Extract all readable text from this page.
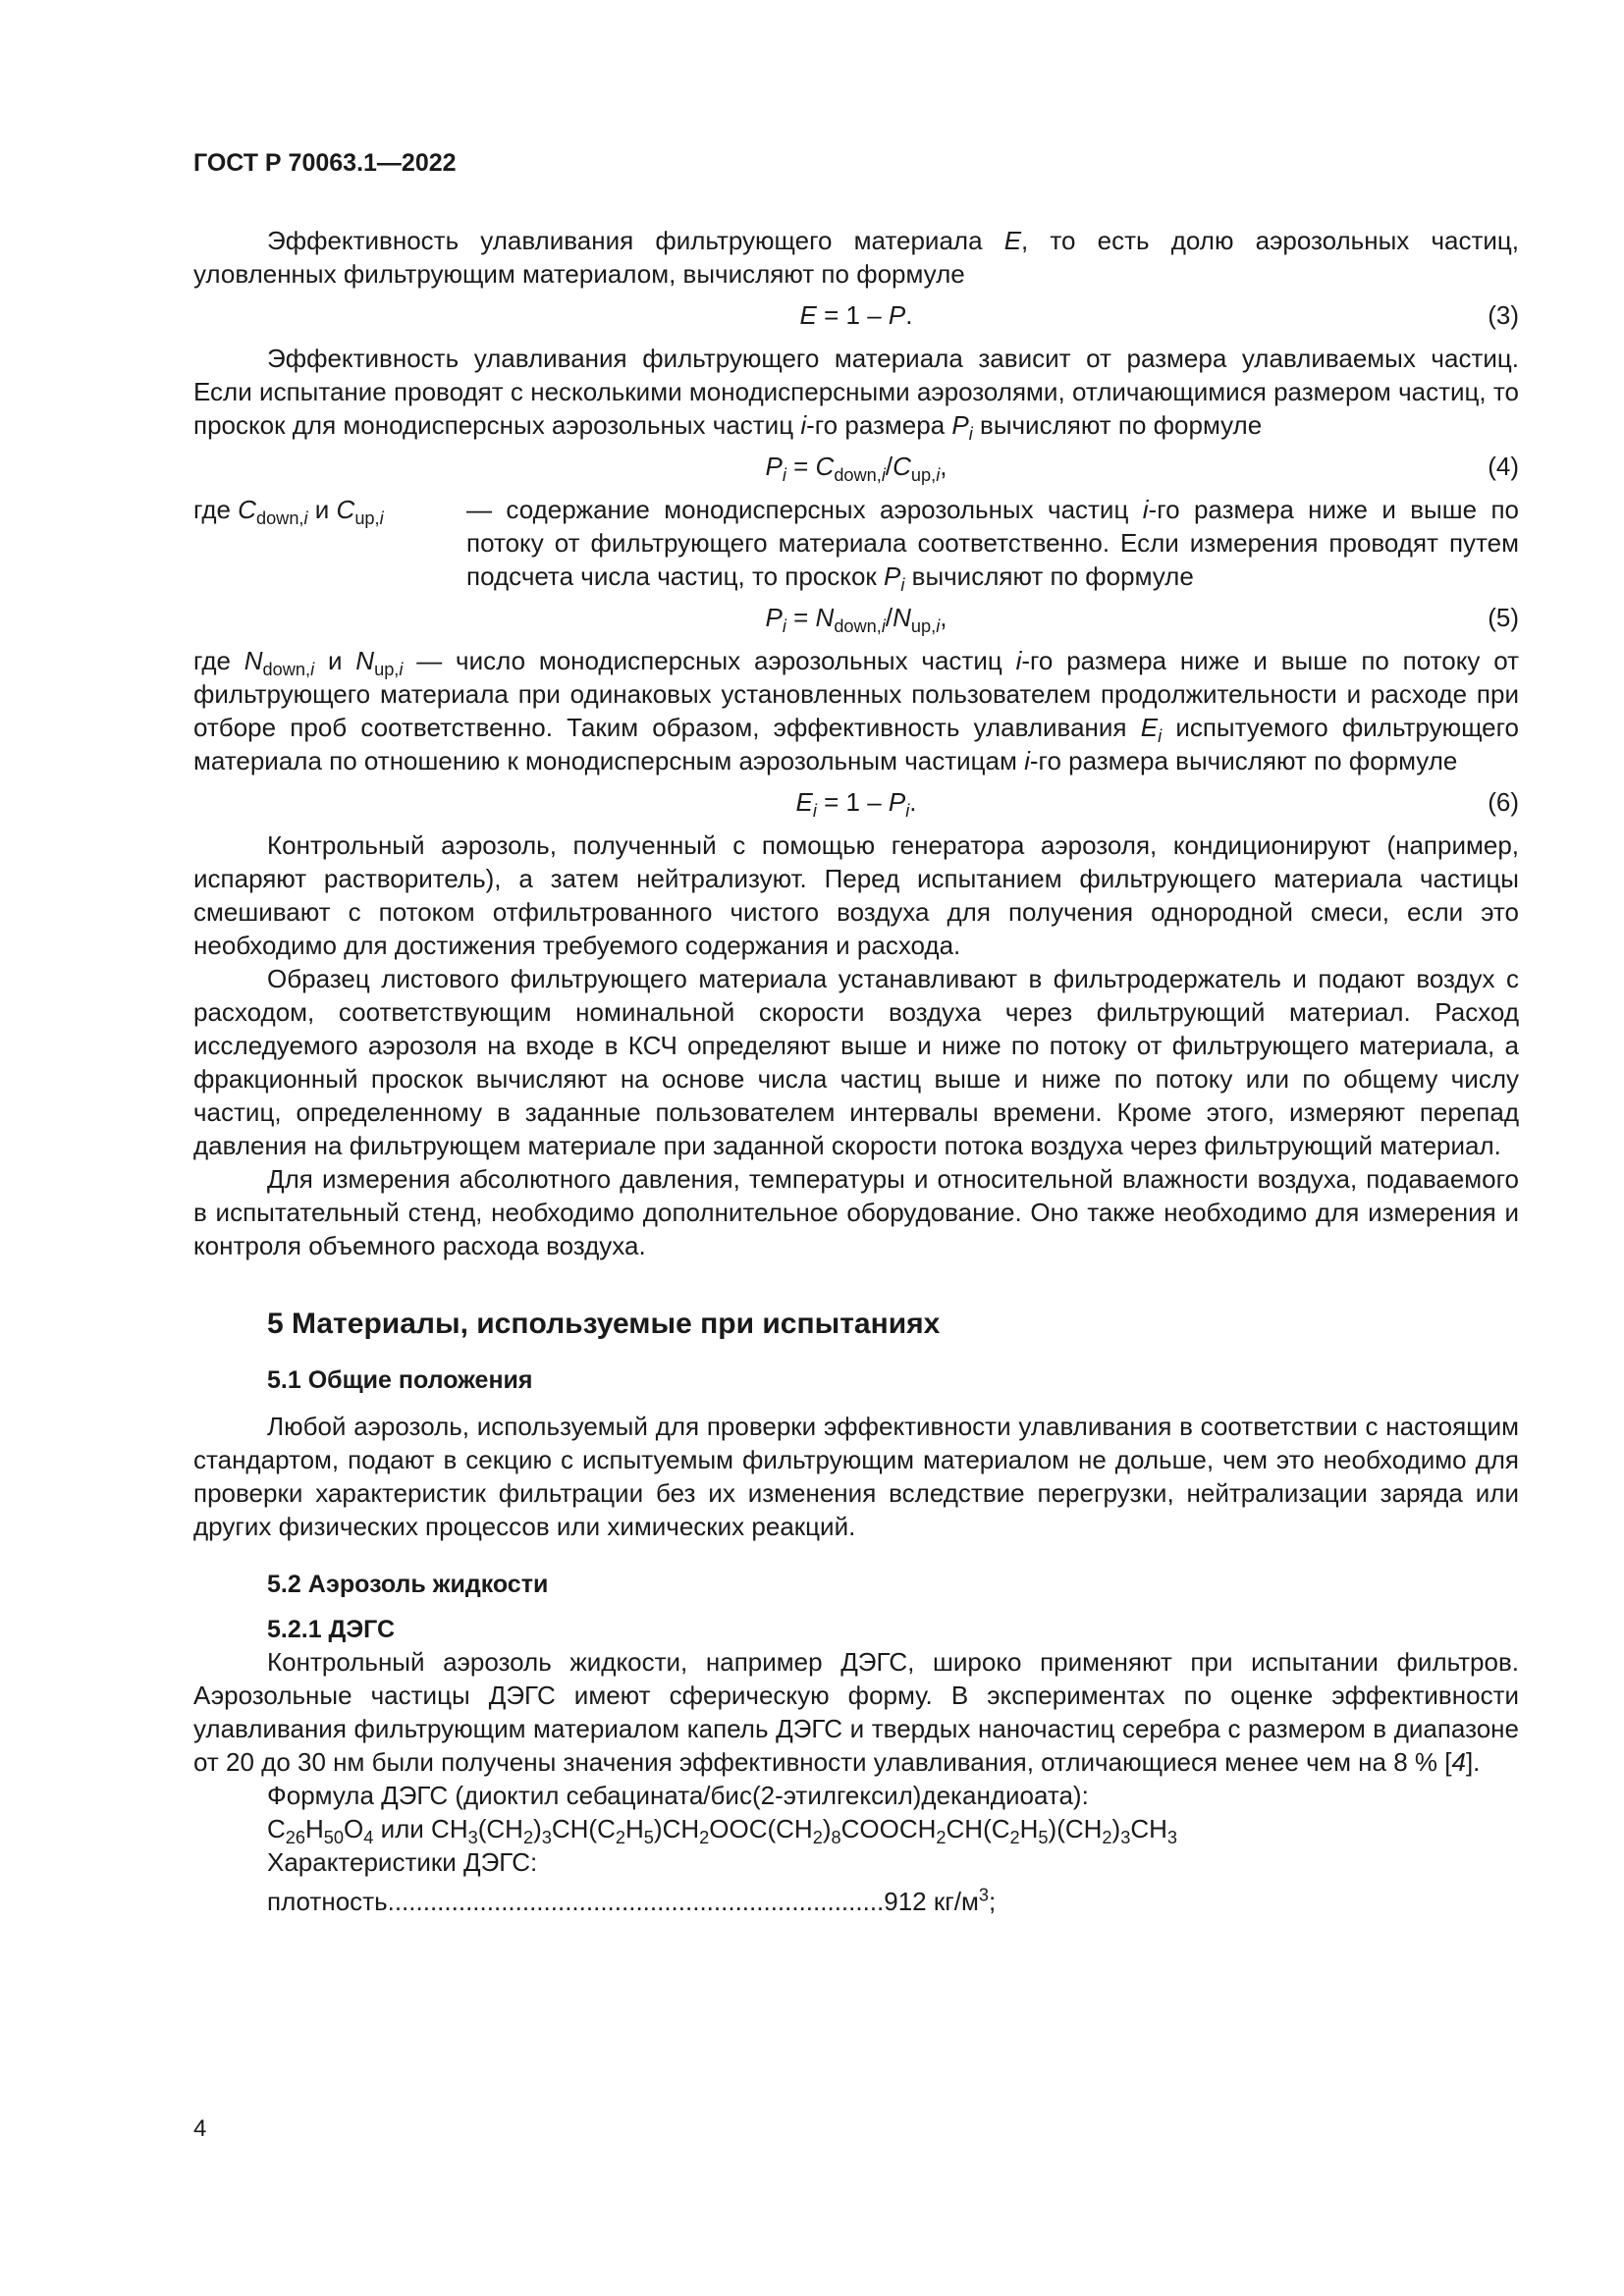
ГОСТ Р 70063.1—2022

Эффективность улавливания фильтрующего материала E, то есть долю аэрозольных частиц, уловленных фильтрующим материалом, вычисляют по формуле

E = 1 – P.	(3)

Эффективность улавливания фильтрующего материала зависит от размера улавливаемых частиц. Если испытание проводят с несколькими монодисперсными аэрозолями, отличающимися размером частиц, то проскок для монодисперсных аэрозольных частиц i-го размера $P_i$ вычисляют по формуле

$P_i = C_{down,i}/C_{up,i}$,	(4)
где $C_{down,i}$ и $C_{up,i}$	— содержание монодисперсных аэрозольных частиц i-го размера ниже и выше по потоку от фильтрующего материала соответственно. Если измерения проводят путем подсчета числа частиц, то проскок $P_i$ вычисляют по формуле
$P_i = N_{down,i}/N_{up,i}$,	(5)

где $N_{down,i}$ и $N_{up,i}$ — число монодисперсных аэрозольных частиц i-го размера ниже и выше по потоку от фильтрующего материала при одинаковых установленных пользователем продолжительности и расходе при отборе проб соответственно. Таким образом, эффективность улавливания $E_i$ испытуемого фильтрующего материала по отношению к монодисперсным аэрозольным частицам i-го размера вычисляют по формуле

$E_i = 1 - P_i$.	(6)

Контрольный аэрозоль, полученный с помощью генератора аэрозоля, кондиционируют (например, испаряют растворитель), а затем нейтрализуют. Перед испытанием фильтрующего материала частицы смешивают с потоком отфильтрованного чистого воздуха для получения однородной смеси, если это необходимо для достижения требуемого содержания и расхода.

Образец листового фильтрующего материала устанавливают в фильтродержатель и подают воздух с расходом, соответствующим номинальной скорости воздуха через фильтрующий материал. Расход исследуемого аэрозоля на входе в КСЧ определяют выше и ниже по потоку от фильтрующего материала, а фракционный проскок вычисляют на основе числа частиц выше и ниже по потоку или по общему числу частиц, определенному в заданные пользователем интервалы времени. Кроме этого, измеряют перепад давления на фильтрующем материале при заданной скорости потока воздуха через фильтрующий материал.

Для измерения абсолютного давления, температуры и относительной влажности воздуха, подаваемого в испытательный стенд, необходимо дополнительное оборудование. Оно также необходимо для измерения и контроля объемного расхода воздуха.

5 Материалы, используемые при испытаниях
5.1 Общие положения

Любой аэрозоль, используемый для проверки эффективности улавливания в соответствии с настоящим стандартом, подают в секцию с испытуемым фильтрующим материалом не дольше, чем это необходимо для проверки характеристик фильтрации без их изменения вследствие перегрузки, нейтрализации заряда или других физических процессов или химических реакций.

5.2 Аэрозоль жидкости
5.2.1 ДЭГС

Контрольный аэрозоль жидкости, например ДЭГС, широко применяют при испытании фильтров. Аэрозольные частицы ДЭГС имеют сферическую форму. В экспериментах по оценке эффективности улавливания фильтрующим материалом капель ДЭГС и твердых наночастиц серебра с размером в диапазоне от 20 до 30 нм были получены значения эффективности улавливания, отличающиеся менее чем на 8 % [4].

Формула ДЭГС (диоктил себацината/бис(2-этилгексил)декандиоата):

$C_{26}H_{50}O_4$ или $CH_3(CH_2)_3CH(C_2H_5)CH_2OOC(CH_2)_8COOCH_2CH(C_2H_5)(CH_2)_3CH_3$

Характеристики ДЭГС:

плотность......................................................................912 $кг/м^3$;

4
